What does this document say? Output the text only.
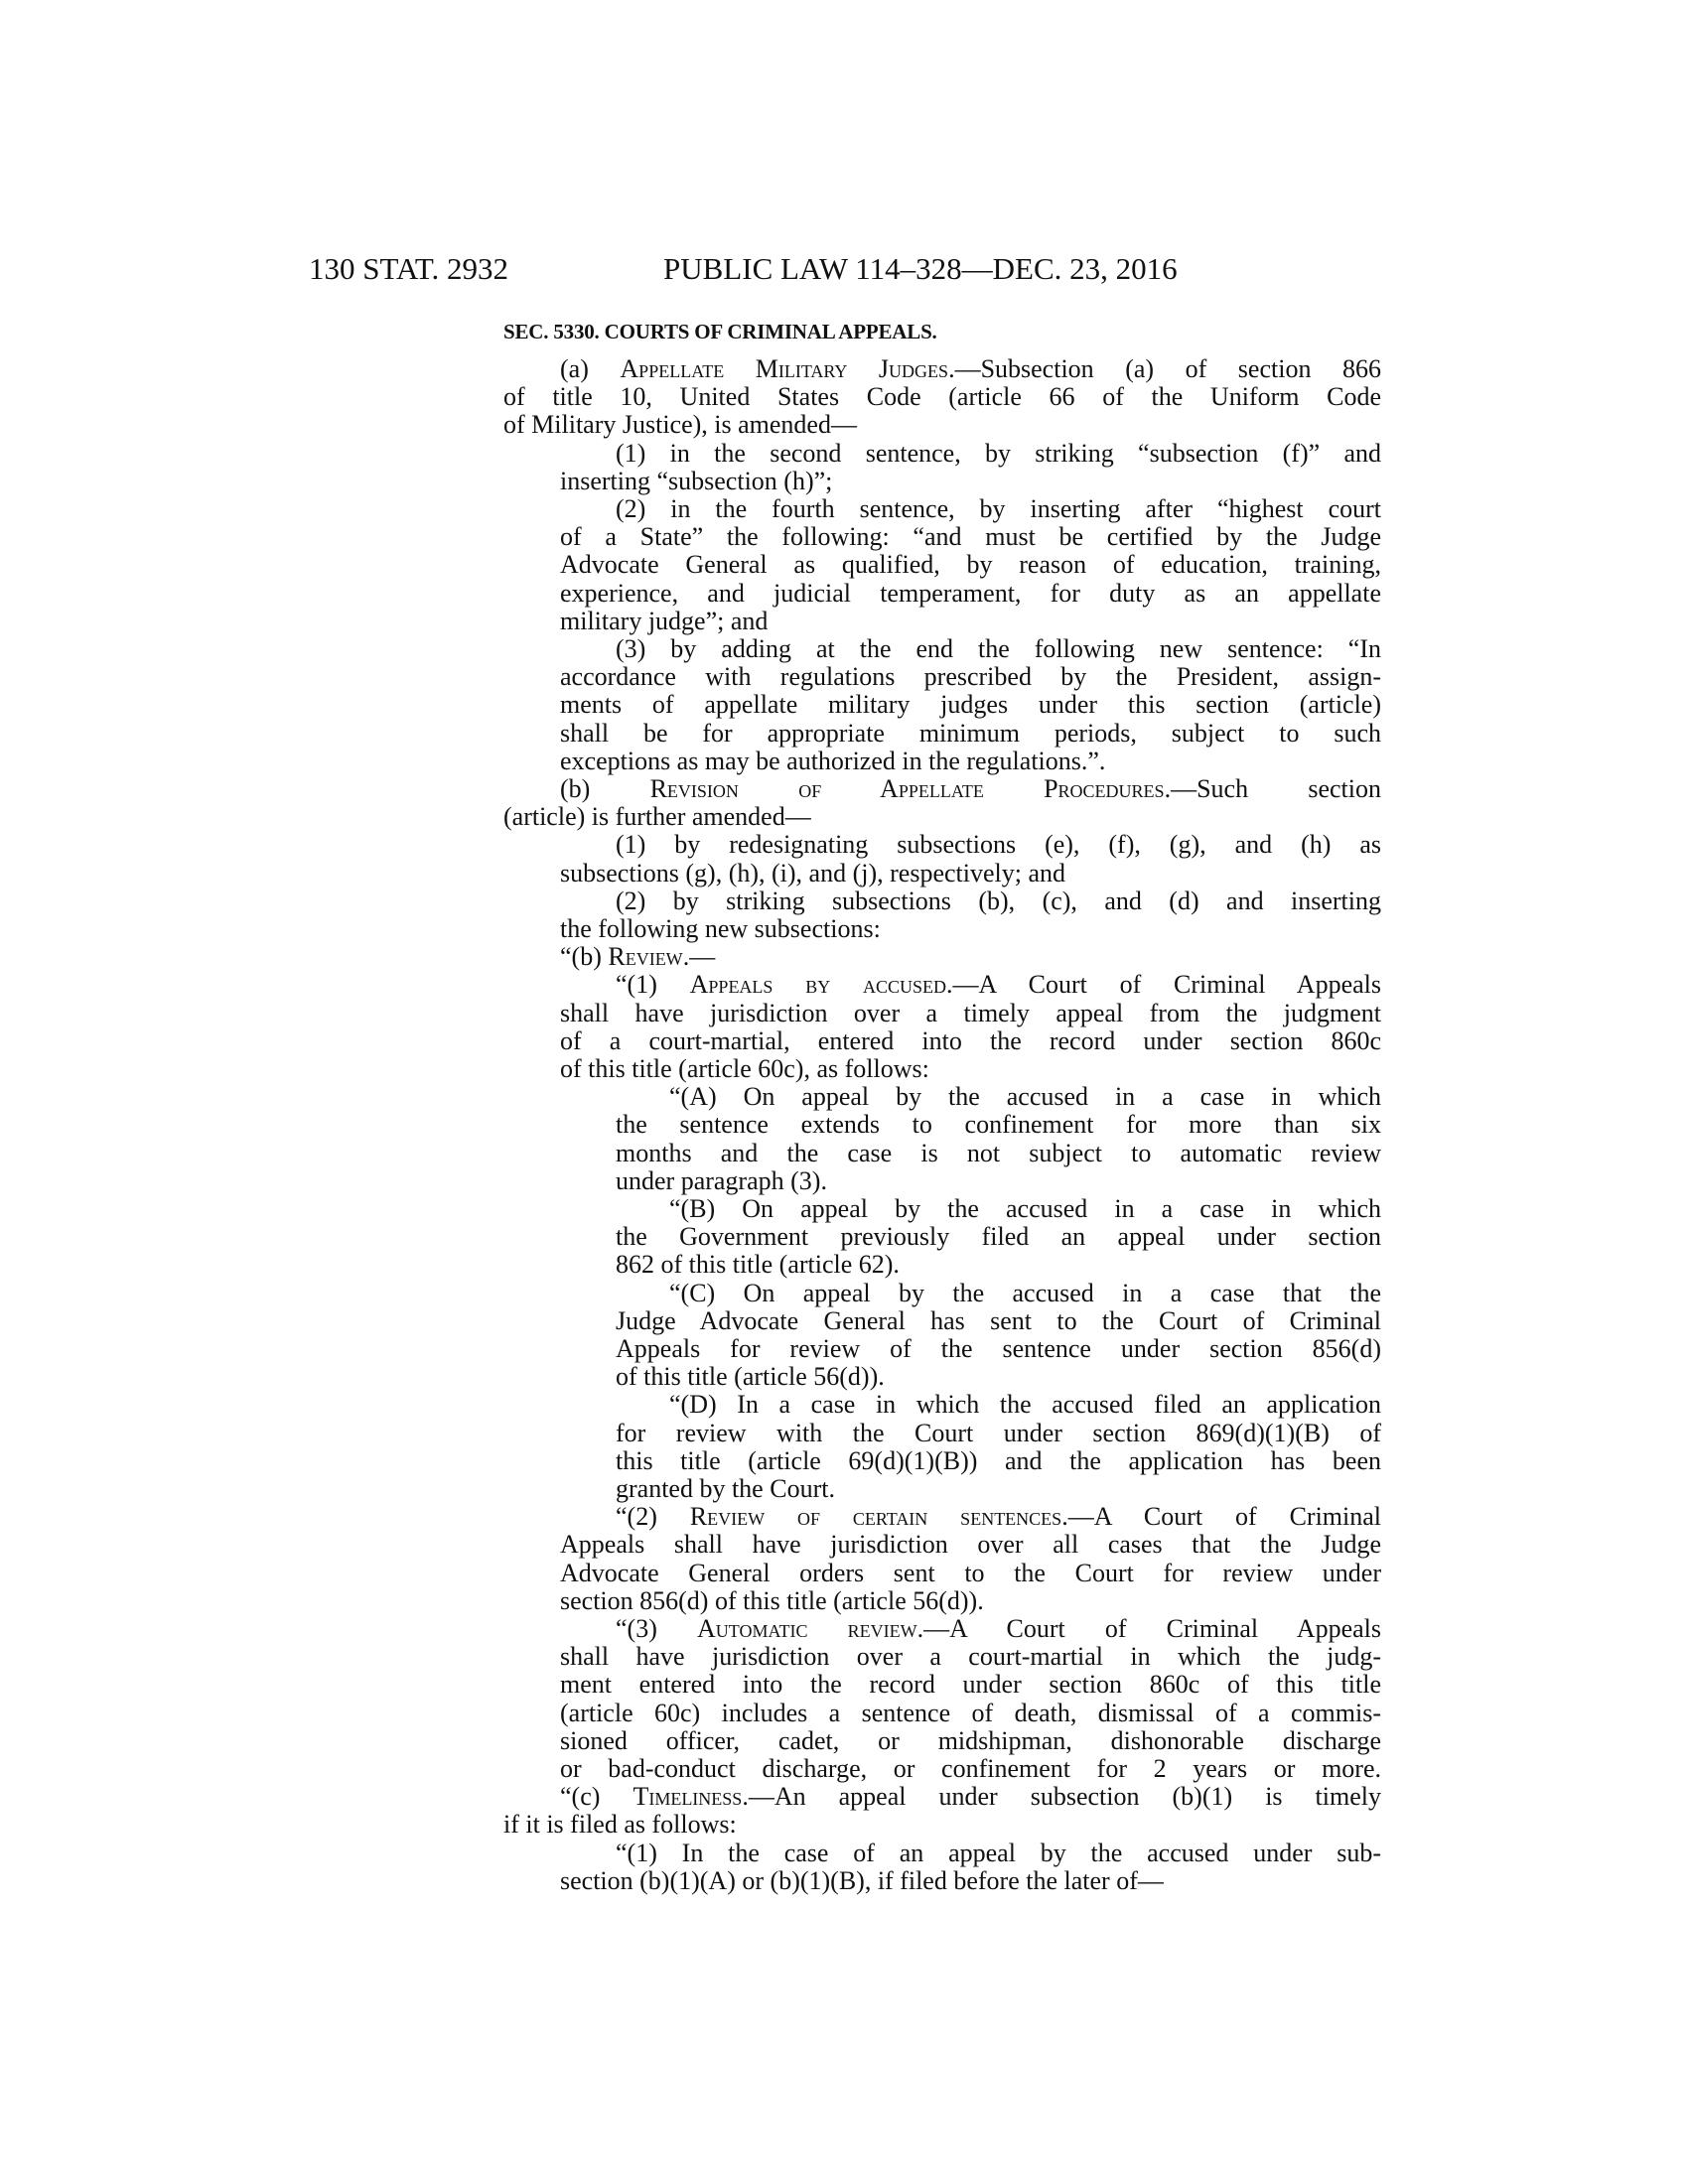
130 STAT. 2932	PUBLIC LAW 114–328—DEC. 23, 2016
SEC. 5330. COURTS OF CRIMINAL APPEALS.
(a) Appellate Military Judges.—Subsection (a) of section 866
of title 10, United States Code (article 66 of the Uniform Code
of Military Justice), is amended—
(1) in the second sentence, by striking “subsection (f)” and
inserting “subsection (h)”;
(2) in the fourth sentence, by inserting after “highest court
of a State” the following: “and must be certified by the Judge
Advocate General as qualified, by reason of education, training,
experience, and judicial temperament, for duty as an appellate
military judge”; and
(3) by adding at the end the following new sentence: “In
accordance with regulations prescribed by the President, assign-
ments of appellate military judges under this section (article)
shall be for appropriate minimum periods, subject to such
exceptions as may be authorized in the regulations.”.
(b) Revision of Appellate Procedures.—Such section
(article) is further amended—
(1) by redesignating subsections (e), (f), (g), and (h) as
subsections (g), (h), (i), and (j), respectively; and
(2) by striking subsections (b), (c), and (d) and inserting
the following new subsections:
“(b) Review.—
“(1) Appeals by accused.—A Court of Criminal Appeals
shall have jurisdiction over a timely appeal from the judgment
of a court-martial, entered into the record under section 860c
of this title (article 60c), as follows:
“(A) On appeal by the accused in a case in which
the sentence extends to confinement for more than six
months and the case is not subject to automatic review
under paragraph (3).
“(B) On appeal by the accused in a case in which
the Government previously filed an appeal under section
862 of this title (article 62).
“(C) On appeal by the accused in a case that the
Judge Advocate General has sent to the Court of Criminal
Appeals for review of the sentence under section 856(d)
of this title (article 56(d)).
“(D) In a case in which the accused filed an application
for review with the Court under section 869(d)(1)(B) of
this title (article 69(d)(1)(B)) and the application has been
granted by the Court.
“(2) Review of certain sentences.—A Court of Criminal
Appeals shall have jurisdiction over all cases that the Judge
Advocate General orders sent to the Court for review under
section 856(d) of this title (article 56(d)).
“(3) Automatic review.—A Court of Criminal Appeals
shall have jurisdiction over a court-martial in which the judg-
ment entered into the record under section 860c of this title
(article 60c) includes a sentence of death, dismissal of a commis-
sioned officer, cadet, or midshipman, dishonorable discharge
or bad-conduct discharge, or confinement for 2 years or more.
“(c) Timeliness.—An appeal under subsection (b)(1) is timely
if it is filed as follows:
“(1) In the case of an appeal by the accused under sub-
section (b)(1)(A) or (b)(1)(B), if filed before the later of—
